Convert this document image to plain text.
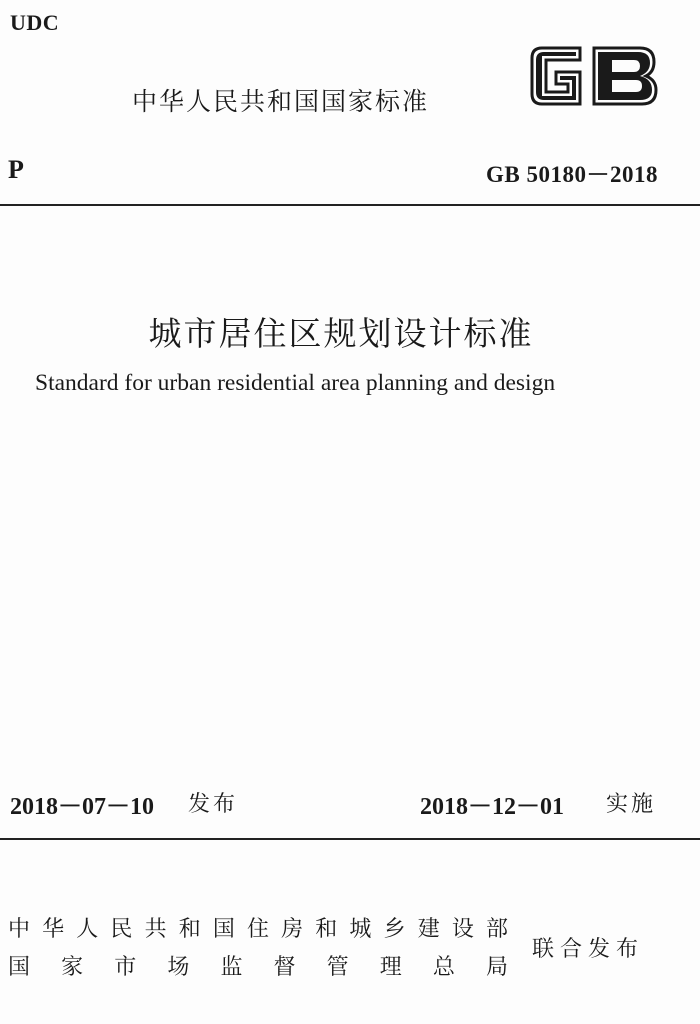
UDC
中华人民共和国国家标准
P	GB 50180－2018
城市居住区规划设计标准
Standard for urban residential area planning and design
2018－07－10 发布	2018－12－01 实施
中 华 人 民 共 和 国 住 房 和 城 乡 建 设 部
国 家 市 场 监 督 管 理 总 局
联合发布
